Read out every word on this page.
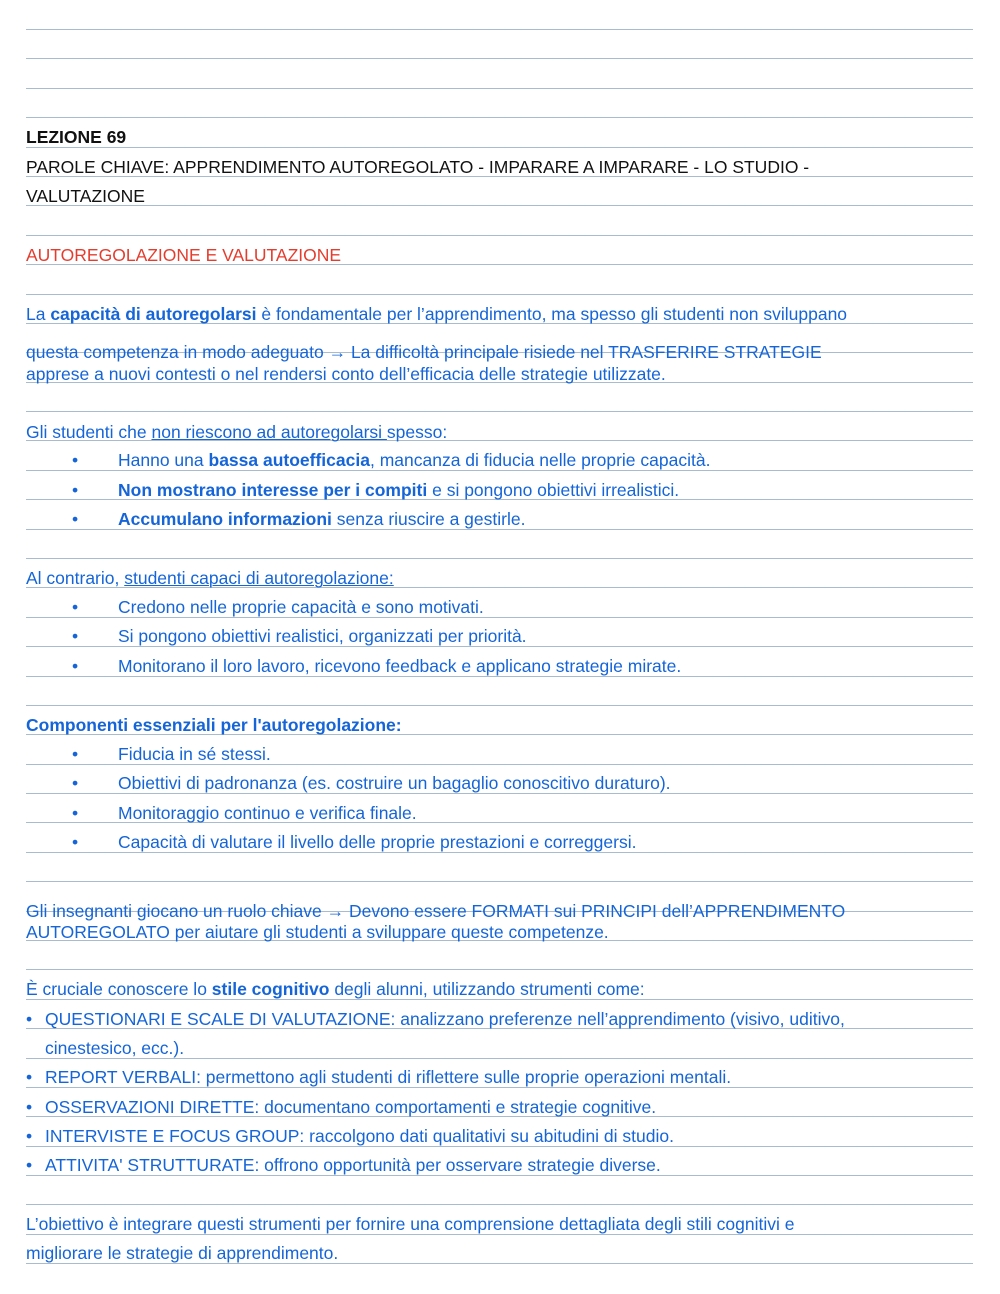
LEZIONE 69
PAROLE CHIAVE: APPRENDIMENTO AUTOREGOLATO - IMPARARE A IMPARARE - LO STUDIO -
VALUTAZIONE
AUTOREGOLAZIONE E VALUTAZIONE
La capacità di autoregolarsi è fondamentale per l’apprendimento, ma spesso gli studenti non sviluppano
questa competenza in modo adeguato → La difficoltà principale risiede nel TRASFERIRE STRATEGIE
apprese a nuovi contesti o nel rendersi conto dell’efficacia delle strategie utilizzate.
Gli studenti che non riescono ad autoregolarsi spesso:
• Hanno una bassa autoefficacia, mancanza di fiducia nelle proprie capacità.
• Non mostrano interesse per i compiti e si pongono obiettivi irrealistici.
• Accumulano informazioni senza riuscire a gestirle.
Al contrario, studenti capaci di autoregolazione:
• Credono nelle proprie capacità e sono motivati.
• Si pongono obiettivi realistici, organizzati per priorità.
• Monitorano il loro lavoro, ricevono feedback e applicano strategie mirate.
Componenti essenziali per l'autoregolazione:
• Fiducia in sé stessi.
• Obiettivi di padronanza (es. costruire un bagaglio conoscitivo duraturo).
• Monitoraggio continuo e verifica finale.
• Capacità di valutare il livello delle proprie prestazioni e correggersi.
Gli insegnanti giocano un ruolo chiave → Devono essere FORMATI sui PRINCIPI dell’APPRENDIMENTO
AUTOREGOLATO per aiutare gli studenti a sviluppare queste competenze.
È cruciale conoscere lo stile cognitivo degli alunni, utilizzando strumenti come:
• QUESTIONARI E SCALE DI VALUTAZIONE: analizzano preferenze nell’apprendimento (visivo, uditivo,
cinestesico, ecc.).
• REPORT VERBALI: permettono agli studenti di riflettere sulle proprie operazioni mentali.
• OSSERVAZIONI DIRETTE: documentano comportamenti e strategie cognitive.
• INTERVISTE E FOCUS GROUP: raccolgono dati qualitativi su abitudini di studio.
• ATTIVITA' STRUTTURATE: offrono opportunità per osservare strategie diverse.
L’obiettivo è integrare questi strumenti per fornire una comprensione dettagliata degli stili cognitivi e
migliorare le strategie di apprendimento.
